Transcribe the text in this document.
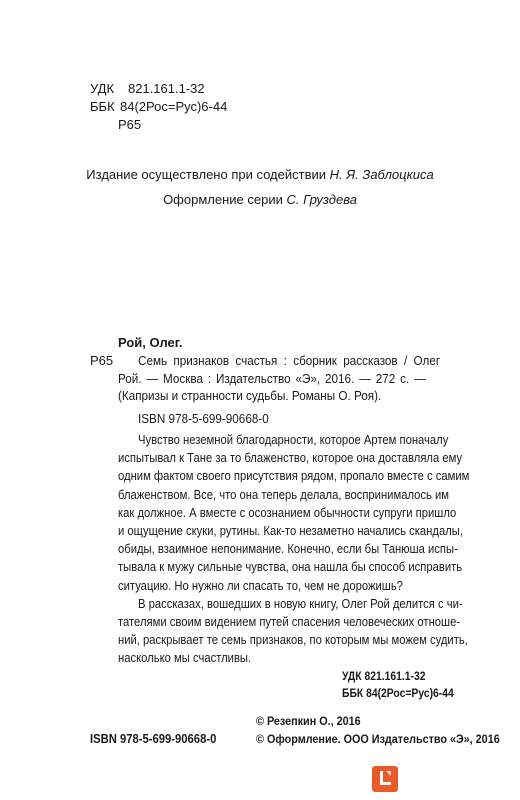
УДК 821.161.1-32
ББК 84(2Рос=Рус)6-44
Р65
Издание осуществлено при содействии Н. Я. Заблоцкиса
Оформление серии С. Груздева
Рой, Олег.
Р65 Семь признаков счастья : сборник рассказов / Олег
Рой. — Москва : Издательство «Э», 2016. — 272 с. —
(Капризы и странности судьбы. Романы О. Роя).
ISBN 978-5-699-90668-0
Чувство неземной благодарности, которое Артем поначалу
испытывал к Тане за то блаженство, которое она доставляла ему
одним фактом своего присутствия рядом, пропало вместе с самим
блаженством. Все, что она теперь делала, воспринималось им
как должное. А вместе с осознанием обычности супруги пришло
и ощущение скуки, рутины. Как-то незаметно начались скандалы,
обиды, взаимное непонимание. Конечно, если бы Танюша испы-
тывала к мужу сильные чувства, она нашла бы способ исправить
ситуацию. Но нужно ли спасать то, чем не дорожишь?
В рассказах, вошедших в новую книгу, Олег Рой делится с чи-
тателями своим видением путей спасения человеческих отноше-
ний, раскрывает те семь признаков, по которым мы можем судить,
насколько мы счастливы.
УДК 821.161.1-32
ББК 84(2Рос=Рус)6-44
ISBN 978-5-699-90668-0
© Резепкин О., 2016
© Оформление. ООО Издательство «Э», 2016
